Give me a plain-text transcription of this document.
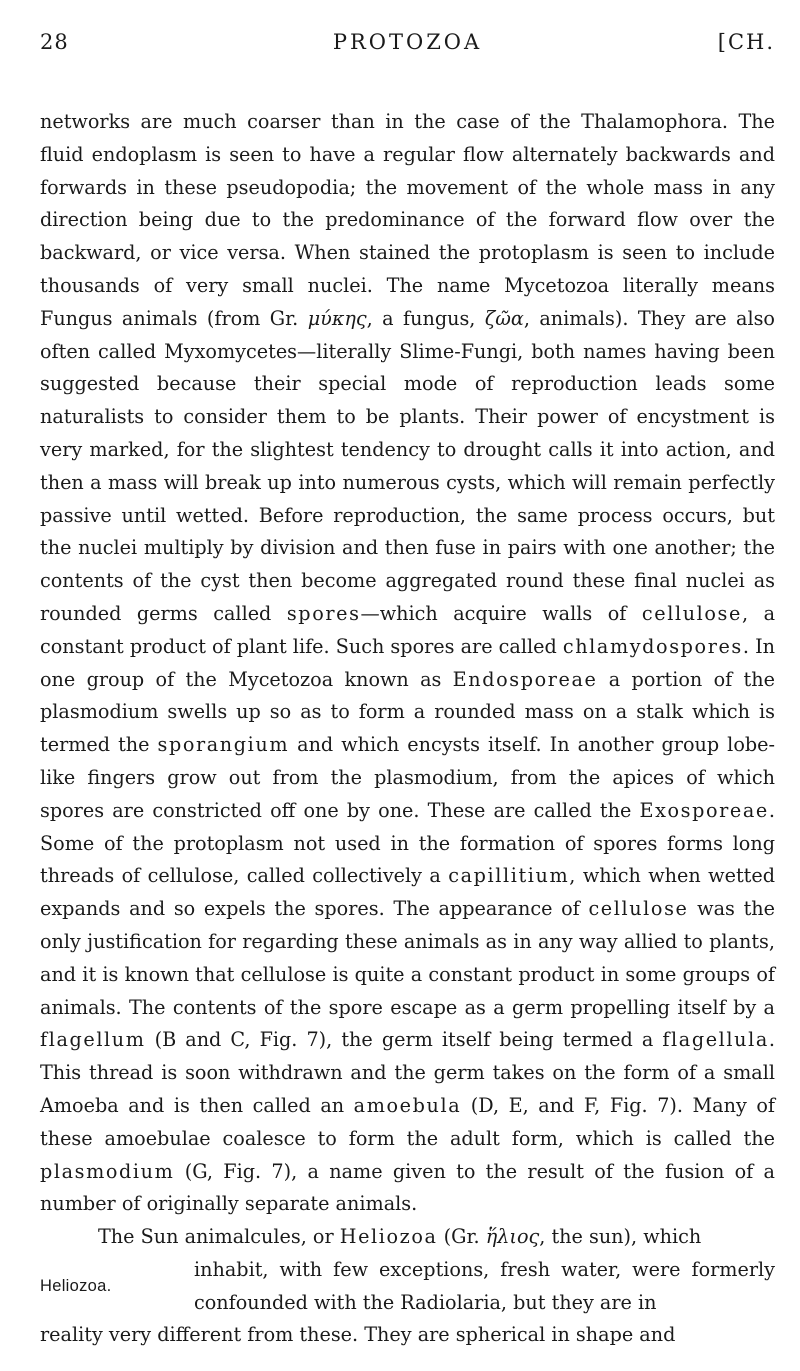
28	PROTOZOA	[CH.

networks are much coarser than in the case of the Thalamophora. The fluid endoplasm is seen to have a regular flow alternately backwards and forwards in these pseudopodia; the movement of the whole mass in any direction being due to the predominance of the forward flow over the backward, or vice versa. When stained the protoplasm is seen to include thousands of very small nuclei. The name Mycetozoa literally means Fungus animals (from Gr. μύκης, a fungus, ζῶα, animals). They are also often called Myxomycetes—literally Slime-Fungi, both names having been suggested because their special mode of reproduction leads some naturalists to consider them to be plants. Their power of encystment is very marked, for the slightest tendency to drought calls it into action, and then a mass will break up into numerous cysts, which will remain perfectly passive until wetted. Before reproduction, the same process occurs, but the nuclei multiply by division and then fuse in pairs with one another; the contents of the cyst then become aggregated round these final nuclei as rounded germs called spores—which acquire walls of cellulose, a constant product of plant life. Such spores are called chlamydospores. In one group of the Mycetozoa known as Endosporeae a portion of the plasmodium swells up so as to form a rounded mass on a stalk which is termed the sporangium and which encysts itself. In another group lobe-like fingers grow out from the plasmodium, from the apices of which spores are constricted off one by one. These are called the Exosporeae. Some of the protoplasm not used in the formation of spores forms long threads of cellulose, called collectively a capillitium, which when wetted expands and so expels the spores. The appearance of cellulose was the only justification for regarding these animals as in any way allied to plants, and it is known that cellulose is quite a constant product in some groups of animals. The contents of the spore escape as a germ propelling itself by a flagellum (B and C, Fig. 7), the germ itself being termed a flagellula. This thread is soon withdrawn and the germ takes on the form of a small Amoeba and is then called an amoebula (D, E, and F, Fig. 7). Many of these amoebulae coalesce to form the adult form, which is called the plasmodium (G, Fig. 7), a name given to the result of the fusion of a number of originally separate animals.

The Sun animalcules, or Heliozoa (Gr. ἥλιος, the sun), which

Heliozoa.
inhabit, with few exceptions, fresh water, were formerly confounded with the Radiolaria, but they are in

reality very different from these. They are spherical in shape and
